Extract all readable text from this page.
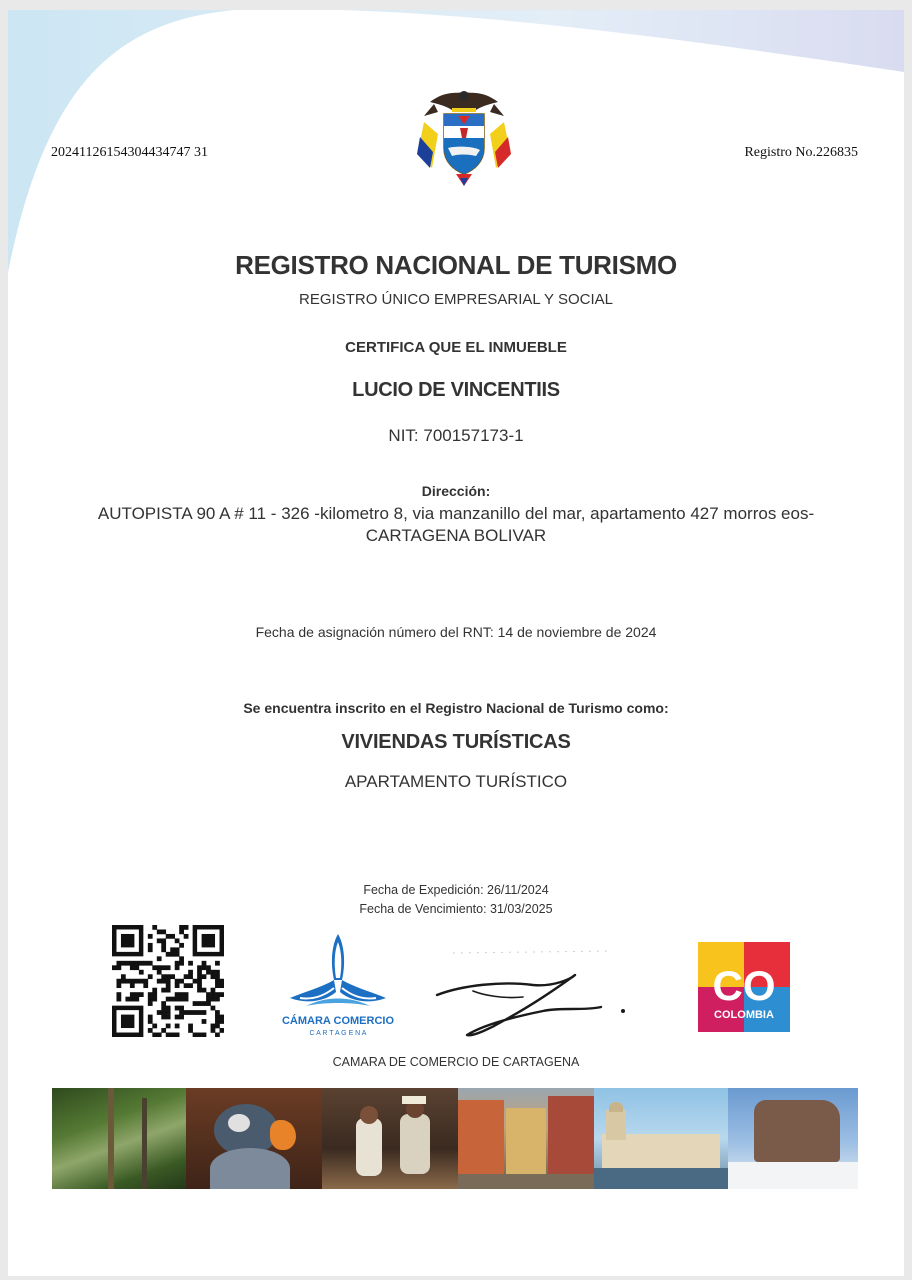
20241126154304434747 31	Registro No.226835
REGISTRO NACIONAL DE TURISMO
REGISTRO ÚNICO EMPRESARIAL Y SOCIAL
CERTIFICA QUE EL INMUEBLE
LUCIO DE VINCENTIIS
NIT: 700157173-1
Dirección:
AUTOPISTA 90 A # 11 - 326 -kilometro 8, via manzanillo del mar, apartamento 427 morros eos- CARTAGENA BOLIVAR
Fecha de asignación número del RNT: 14 de noviembre de 2024
Se encuentra inscrito en el Registro Nacional de Turismo como:
VIVIENDAS TURÍSTICAS
APARTAMENTO TURÍSTICO
Fecha de Expedición: 26/11/2024
Fecha de Vencimiento: 31/03/2025
CÁMARA COMERCIO
C A R T A G E N A
CO
COLOMBIA
CAMARA DE COMERCIO DE CARTAGENA
